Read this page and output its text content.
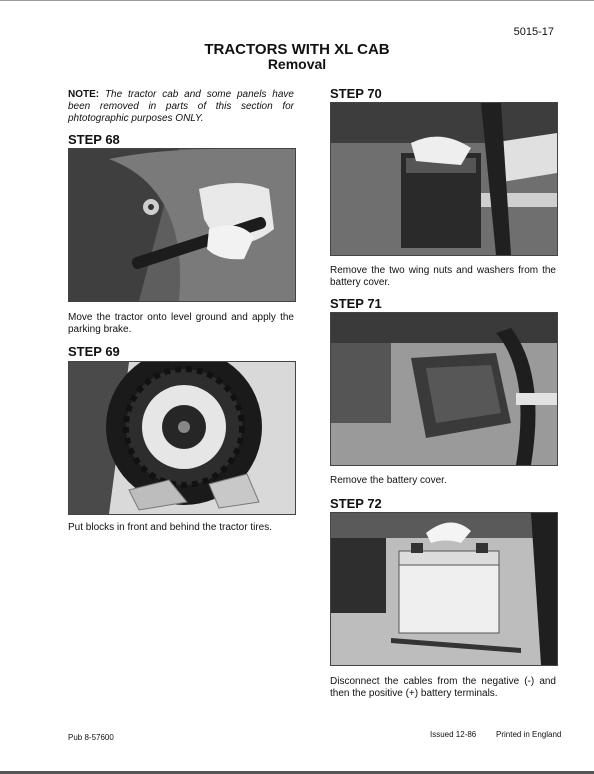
5015-17
TRACTORS WITH XL CAB
Removal
NOTE: The tractor cab and some panels have been removed in parts of this section for phtotographic purposes ONLY.
STEP 68
Move the tractor onto level ground and apply the parking brake.
STEP 69
Put blocks in front and behind the tractor tires.
STEP 70
Remove the two wing nuts and washers from the battery cover.
STEP 71
Remove the battery cover.
STEP 72
Disconnect the cables from the negative (-) and then the positive (+) battery terminals.
Pub 8-57600	Issued 12-86 Printed in England
